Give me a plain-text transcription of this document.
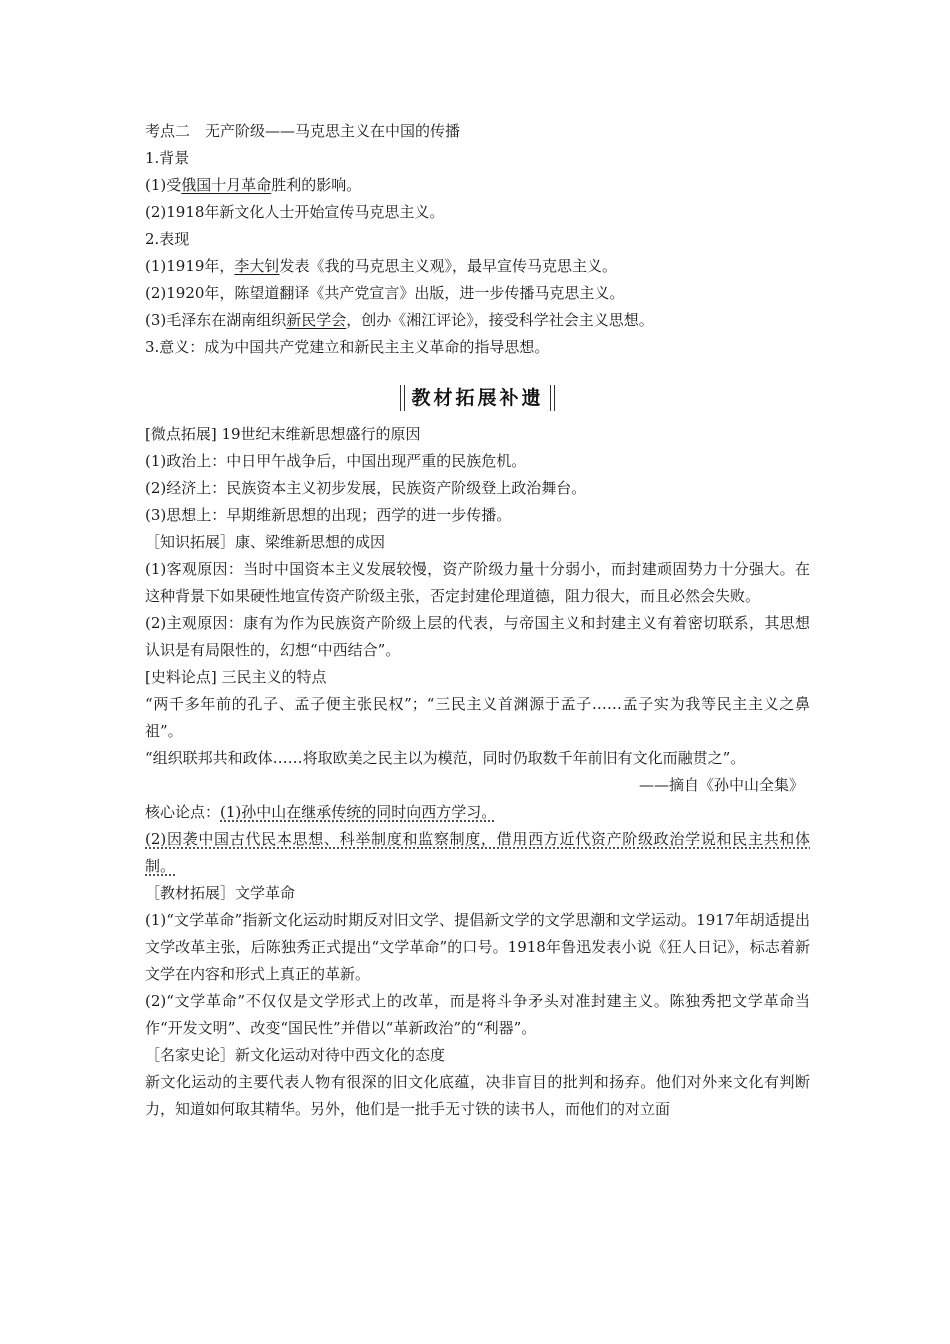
考点二　无产阶级——马克思主义在中国的传播
1.背景
(1)受俄国十月革命胜利的影响。
(2)1918年新文化人士开始宣传马克思主义。
2.表现
(1)1919年，李大钊发表《我的马克思主义观》，最早宣传马克思主义。
(2)1920年，陈望道翻译《共产党宣言》出版，进一步传播马克思主义。
(3)毛泽东在湖南组织新民学会，创办《湘江评论》，接受科学社会主义思想。
3.意义：成为中国共产党建立和新民主主义革命的指导思想。
教材拓展补遗
[微点拓展] 19世纪末维新思想盛行的原因
(1)政治上：中日甲午战争后，中国出现严重的民族危机。
(2)经济上：民族资本主义初步发展，民族资产阶级登上政治舞台。
(3)思想上：早期维新思想的出现；西学的进一步传播。
［知识拓展］康、梁维新思想的成因
(1)客观原因：当时中国资本主义发展较慢，资产阶级力量十分弱小，而封建顽固势力十分强大。在这种背景下如果硬性地宣传资产阶级主张，否定封建伦理道德，阻力很大，而且必然会失败。
(2)主观原因：康有为作为民族资产阶级上层的代表，与帝国主义和封建主义有着密切联系，其思想认识是有局限性的，幻想“中西结合”。
[史料论点] 三民主义的特点
“两千多年前的孔子、孟子便主张民权”；“三民主义首渊源于孟子……孟子实为我等民主主义之鼻祖”。
“组织联邦共和政体……将取欧美之民主以为模范，同时仍取数千年前旧有文化而融贯之”。
——摘自《孙中山全集》
核心论点：(1)孙中山在继承传统的同时向西方学习。
(2)因袭中国古代民本思想、科举制度和监察制度，借用西方近代资产阶级政治学说和民主共和体制。
［教材拓展］文学革命
(1)“文学革命”指新文化运动时期反对旧文学、提倡新文学的文学思潮和文学运动。1917年胡适提出文学改革主张，后陈独秀正式提出“文学革命”的口号。1918年鲁迅发表小说《狂人日记》，标志着新文学在内容和形式上真正的革新。
(2)“文学革命”不仅仅是文学形式上的改革，而是将斗争矛头对准封建主义。陈独秀把文学革命当作“开发文明”、改变“国民性”并借以“革新政治”的“利器”。
［名家史论］新文化运动对待中西文化的态度
新文化运动的主要代表人物有很深的旧文化底蕴，决非盲目的批判和扬弃。他们对外来文化有判断力，知道如何取其精华。另外，他们是一批手无寸铁的读书人，而他们的对立面
